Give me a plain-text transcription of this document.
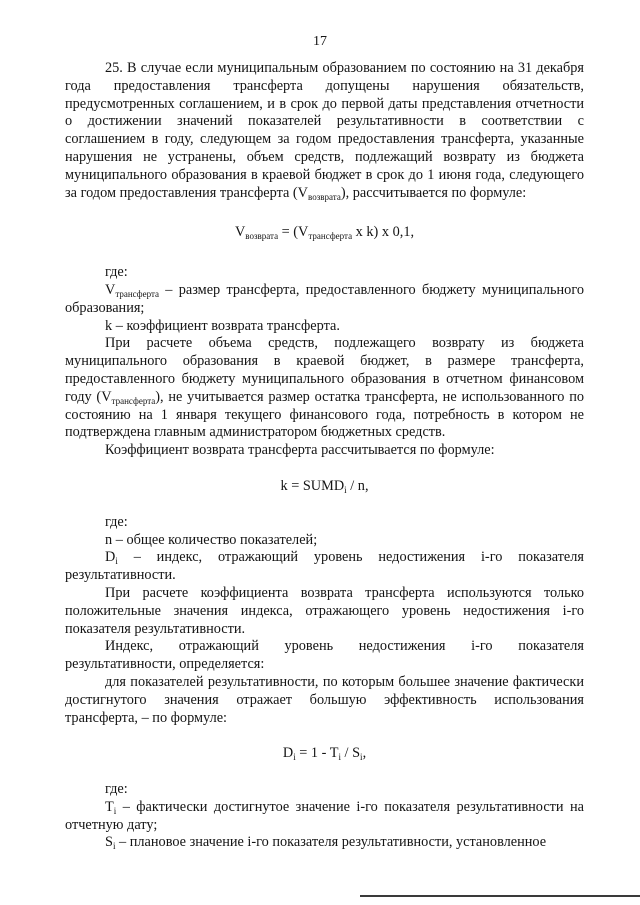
17

25. В случае если муниципальным образованием по состоянию на 31 декабря года предоставления трансферта допущены нарушения обязательств, предусмотренных соглашением, и в срок до первой даты представления отчетности о достижении значений показателей результативности в соответствии с соглашением в году, следующем за годом предоставления трансферта, указанные нарушения не устранены, объем средств, подлежащий возврату из бюджета муниципального образования в краевой бюджет в срок до 1 июня года, следующего за годом предоставления трансферта $(V_{возврата})$, рассчитывается по формуле:

$V_{возврата} = (V_{трансферта}$ x k) x 0,1,

где:

$V_{трансферта}$ – размер трансферта, предоставленного бюджету муниципального образования;

k – коэффициент возврата трансферта.

При расчете объема средств, подлежащего возврату из бюджета муниципального образования в краевой бюджет, в размере трансферта, предоставленного бюджету муниципального образования в отчетном финансовом году $(V_{трансферта})$, не учитывается размер остатка трансферта, не использованного по состоянию на 1 января текущего финансового года, потребность в котором не подтверждена главным администратором бюджетных средств.

Коэффициент возврата трансферта рассчитывается по формуле:

$k = SUMD_i / n$,

где:

n – общее количество показателей;

$D_i$ – индекс, отражающий уровень недостижения i-го показателя результативности.

При расчете коэффициента возврата трансферта используются только положительные значения индекса, отражающего уровень недостижения i-го показателя результативности.

Индекс, отражающий уровень недостижения i-го показателя результативности, определяется:

для показателей результативности, по которым большее значение фактически достигнутого значения отражает большую эффективность использования трансферта, – по формуле:

$D_i = 1 - T_i / S_i$,

где:

$T_i$ – фактически достигнутое значение i-го показателя результативности на отчетную дату;

$S_i$ – плановое значение i-го показателя результативности, установленное
